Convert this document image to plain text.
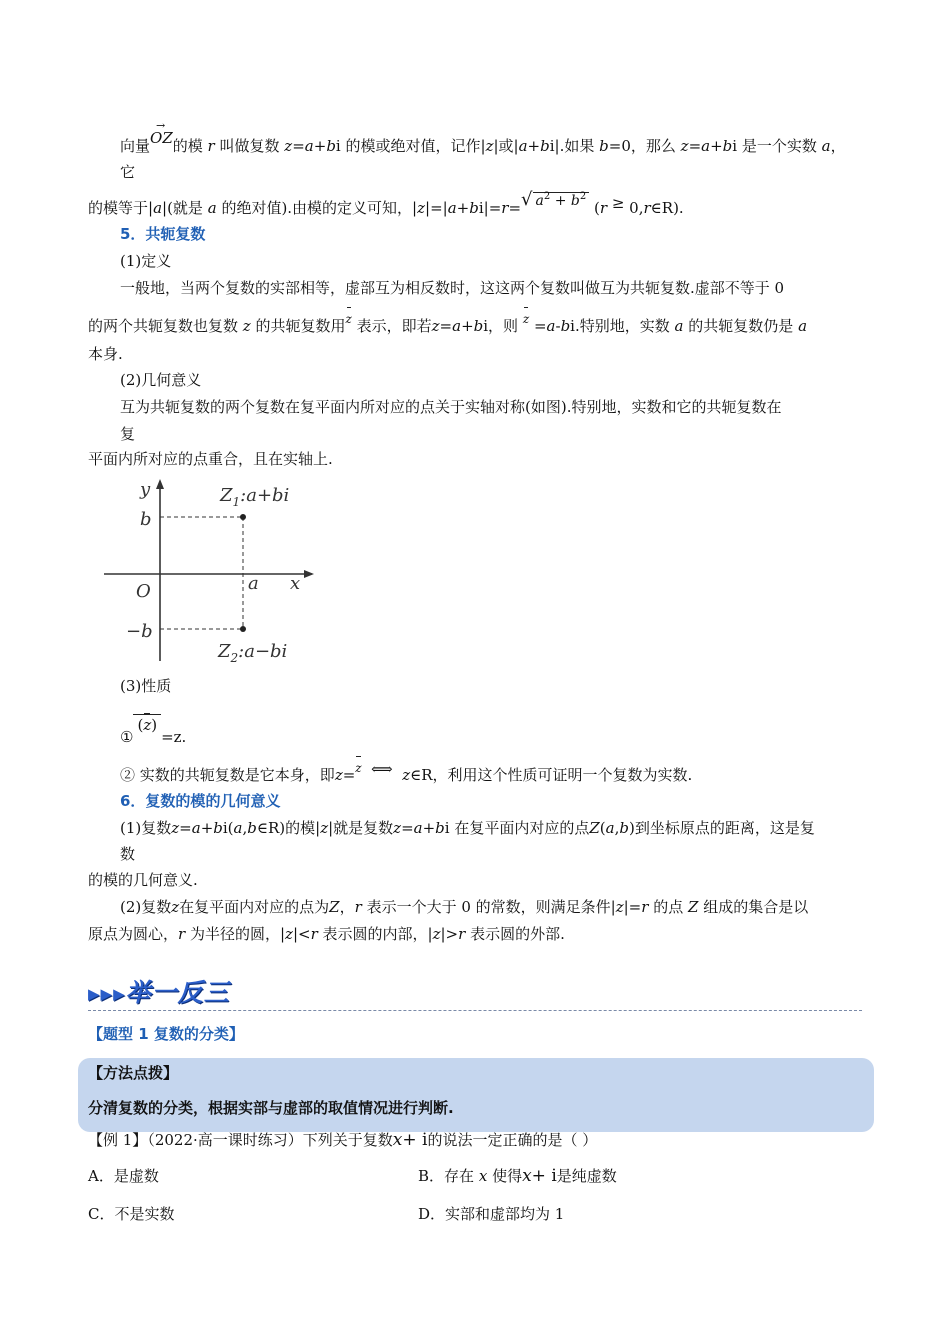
向量
→
OZ的模 r 叫做复数 z=a+bi 的模或绝对值，记作|z|或|a+bi|.如果 b=0，那么 z=a+bi 是一个实数 a，
它
的模等于|a|(就是 a 的绝对值).由模的定义可知，|z|=|a+bi|=r=√ $a^2 + b^2$ (r ≥ 0,r∈R).
5．共轭复数
(1)定义
一般地，当两个复数的实部相等，虚部互为相反数时，这这两个复数叫做互为共轭复数.虚部不等于 0
的两个共轭复数也复数 z 的共轭复数用z 表示，即若z=a+bi，则 z =a-bi.特别地，实数 a 的共轭复数仍是 a
本身.
(2)几何意义
互为共轭复数的两个复数在复平面内所对应的点关于实轴对称(如图).特别地，实数和它的共轭复数在
复
平面内所对应的点重合，且在实轴上.
y
x
O
b
−b
a
$Z_1:a+bi$
$Z_2:a-bi$
(3)性质
①(z)=z.
② 实数的共轭复数是它本身，即z=z ⟺ z∈R，利用这个性质可证明一个复数为实数.
6．复数的模的几何意义
(1)复数z=a+bi(a,b∈R)的模|z|就是复数z=a+bi 在复平面内对应的点Z(a,b)到坐标原点的距离，这是复
数
的模的几何意义.
(2)复数z在复平面内对应的点为Z，r 表示一个大于 0 的常数，则满足条件|z|=r 的点 Z 组成的集合是以
原点为圆心，r 为半径的圆，|z|<r 表示圆的内部，|z|>r 表示圆的外部.
▶▶▶举一反三
【题型 1 复数的分类】
【方法点拨】
分清复数的分类，根据实部与虚部的取值情况进行判断.
【例 1】（2022·高一课时练习）下列关于复数x+ i的说法一定正确的是（ ）
A．是虚数	B．存在 x 使得x+ i是纯虚数
C．不是实数	D．实部和虚部均为 1
